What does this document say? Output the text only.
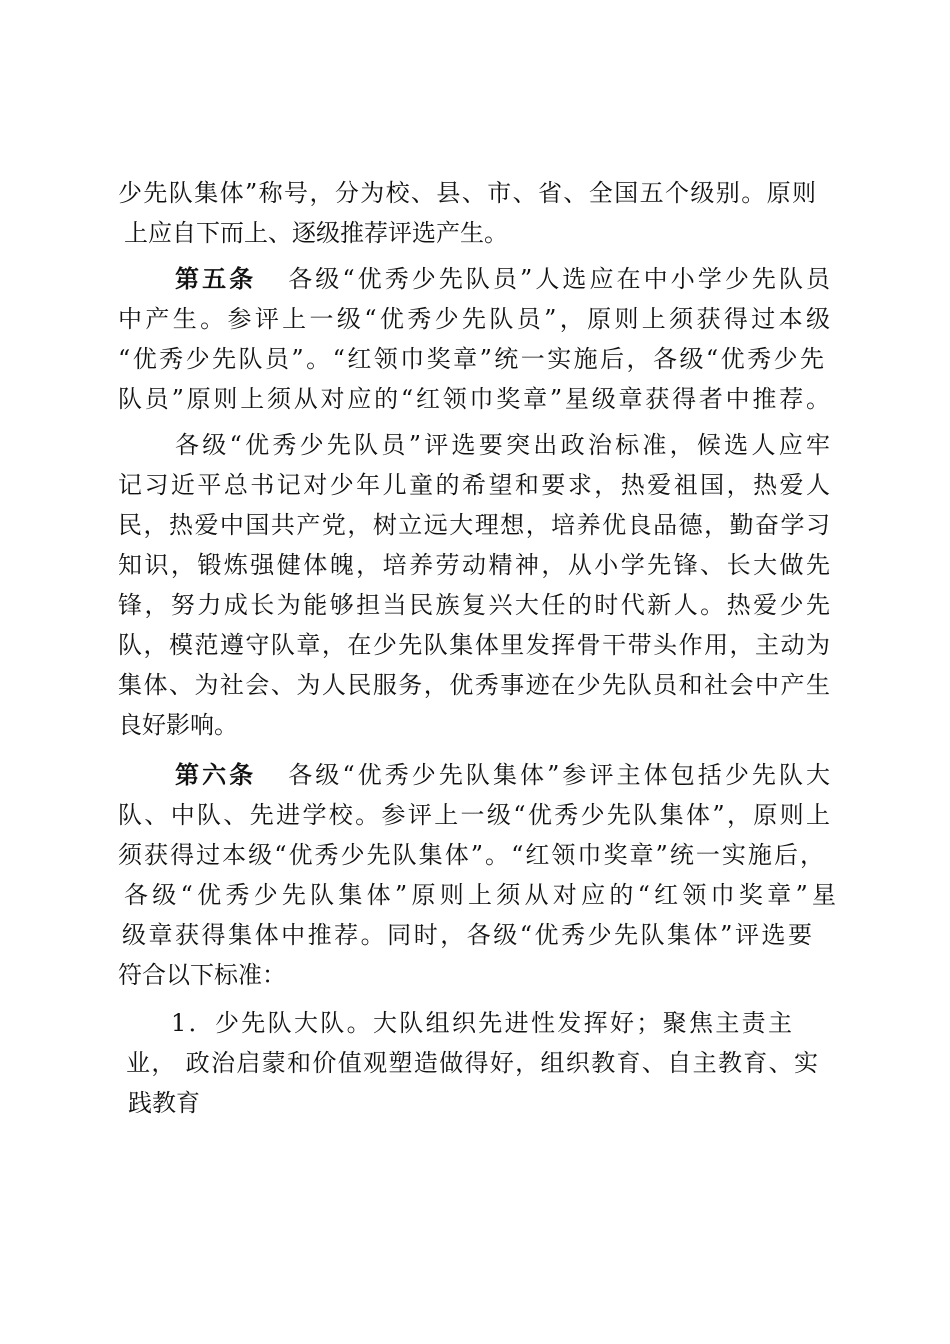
少先队集体”称号，分为校、县、市、省、全国五个级别。原则
上应自下而上、逐级推荐评选产生。
第五条 各级“优秀少先队员”人选应在中小学少先队员
中产生。参评上一级“优秀少先队员”，原则上须获得过本级
“优秀少先队员”。“红领巾奖章”统一实施后，各级“优秀少先
队员”原则上须从对应的“红领巾奖章”星级章获得者中推荐。
各级“优秀少先队员”评选要突出政治标准，候选人应牢
记习近平总书记对少年儿童的希望和要求，热爱祖国，热爱人
民，热爱中国共产党，树立远大理想，培养优良品德，勤奋学习
知识，锻炼强健体魄，培养劳动精神，从小学先锋、长大做先
锋，努力成长为能够担当民族复兴大任的时代新人。热爱少先
队，模范遵守队章，在少先队集体里发挥骨干带头作用，主动为
集体、为社会、为人民服务，优秀事迹在少先队员和社会中产生
良好影响。
第六条 各级“优秀少先队集体”参评主体包括少先队大
队、中队、先进学校。参评上一级“优秀少先队集体”，原则上
须获得过本级“优秀少先队集体”。“红领巾奖章”统一实施后，
各级“优秀少先队集体”原则上须从对应的“红领巾奖章”星
级章获得集体中推荐。同时，各级“优秀少先队集体”评选要
符合以下标准：
1．少先队大队。大队组织先进性发挥好；聚焦主责主
业， 政治启蒙和价值观塑造做得好，组织教育、自主教育、实
践教育
